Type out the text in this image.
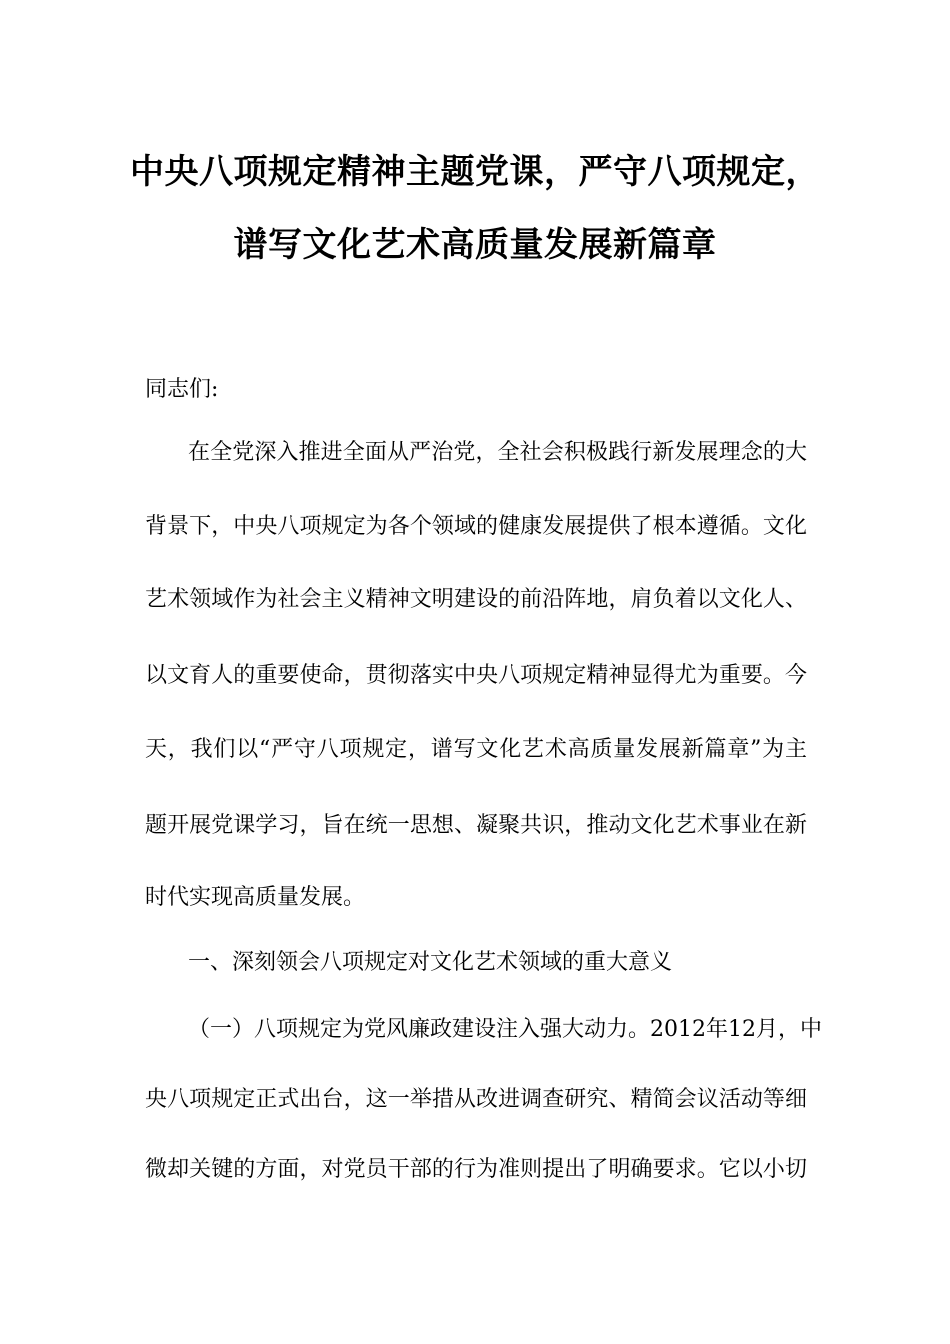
中央八项规定精神主题党课，严守八项规定，
谱写文化艺术高质量发展新篇章
同志们:
在全党深入推进全面从严治党，全社会积极践行新发展理念的大
背景下，中央八项规定为各个领域的健康发展提供了根本遵循。文化
艺术领域作为社会主义精神文明建设的前沿阵地，肩负着以文化人、
以文育人的重要使命，贯彻落实中央八项规定精神显得尤为重要。今
天，我们以“严守八项规定，谱写文化艺术高质量发展新篇章”为主
题开展党课学习，旨在统一思想、凝聚共识，推动文化艺术事业在新
时代实现高质量发展。
一、深刻领会八项规定对文化艺术领域的重大意义
（一）八项规定为党风廉政建设注入强大动力。2012年12月，中
央八项规定正式出台，这一举措从改进调查研究、精简会议活动等细
微却关键的方面，对党员干部的行为准则提出了明确要求。它以小切
